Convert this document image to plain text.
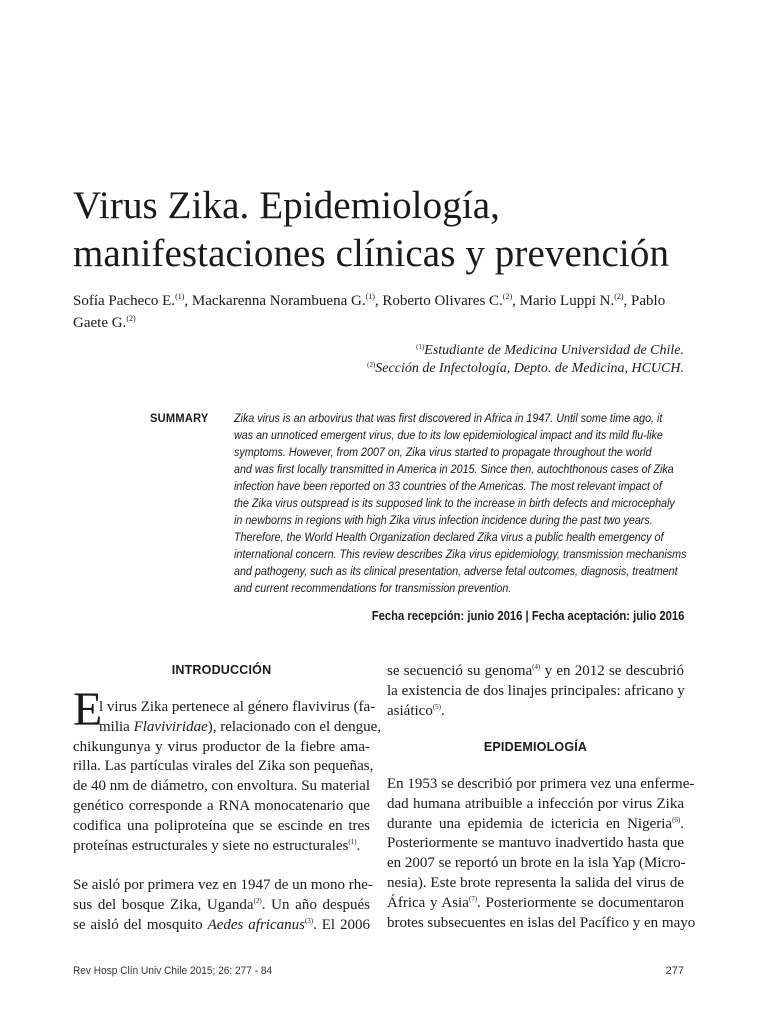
Virus Zika. Epidemiología,
manifestaciones clínicas y prevención
Sofía Pacheco E.$^{(1)}$, Mackarenna Norambuena G.$^{(1)}$, Roberto Olivares C.$^{(2)}$, Mario Luppi N.$^{(2)}$, Pablo Gaete G.$^{(2)}$
$^{(1)}$Estudiante de Medicina Universidad de Chile.
$^{(2)}$Sección de Infectología, Depto. de Medicina, HCUCH.
SUMMARY Zika virus is an arbovirus that was first discovered in Africa in 1947. Until some time ago, it
was an unnoticed emergent virus, due to its low epidemiological impact and its mild flu-like
symptoms. However, from 2007 on, Zika virus started to propagate throughout the world
and was first locally transmitted in America in 2015. Since then, autochthonous cases of Zika
infection have been reported on 33 countries of the Americas. The most relevant impact of
the Zika virus outspread is its supposed link to the increase in birth defects and microcephaly
in newborns in regions with high Zika virus infection incidence during the past two years.
Therefore, the World Health Organization declared Zika virus a public health emergency of
international concern. This review describes Zika virus epidemiology, transmission mechanisms
and pathogeny, such as its clinical presentation, adverse fetal outcomes, diagnosis, treatment
and current recommendations for transmission prevention.
Fecha recepción: junio 2016 | Fecha aceptación: julio 2016
INTRODUCCIÓN
E
l virus Zika pertenece al género flavivirus (fa-
milia Flaviviridae), relacionado con el dengue,
chikungunya y virus productor de la fiebre ama-
rilla. Las partículas virales del Zika son pequeñas,
de 40 nm de diámetro, con envoltura. Su material
genético corresponde a RNA monocatenario que
codifica una poliproteína que se escinde en tres
proteínas estructurales y siete no estructurales$^{(1)}$.
Se aisló por primera vez en 1947 de un mono rhe-
sus del bosque Zika, Uganda$^{(2)}$. Un año después
se aisló del mosquito Aedes africanus$^{(3)}$. El 2006
se secuenció su genoma$^{(4)}$ y en 2012 se descubrió
la existencia de dos linajes principales: africano y
asiático$^{(5)}$.
EPIDEMIOLOGÍA
En 1953 se describió por primera vez una enfermе-
dad humana atribuible a infección por virus Zika
durante una epidemia de ictericia en Nigeria$^{(6)}$.
Posteriormente se mantuvo inadvertido hasta que
en 2007 se reportó un brote en la isla Yap (Micro-
nesia). Este brote representa la salida del virus de
África y Asia$^{(7)}$. Posteriormente se documentaron
brotes subsecuentes en islas del Pacífico y en mayo
Rev Hosp Clín Univ Chile 2015; 26: 277 - 84	277
